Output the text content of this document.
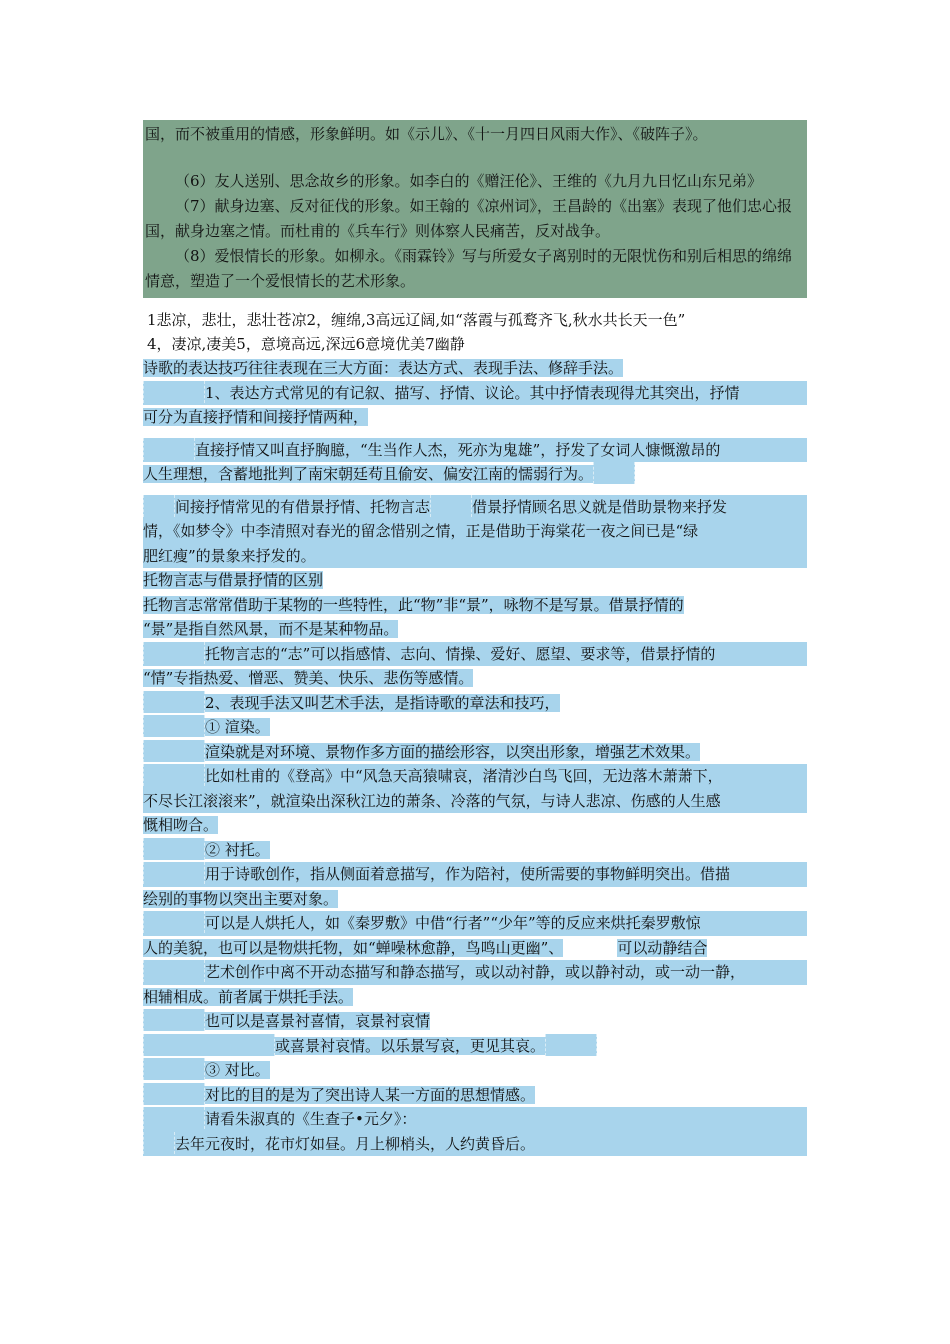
国，而不被重用的情感，形象鲜明。如《示儿》、《十一月四日风雨大作》、《破阵子》。

（6）友人送别、思念故乡的形象。如李白的《赠汪伦》、王维的《九月九日忆山东兄弟》

（7）献身边塞、反对征伐的形象。如王翰的《凉州词》，王昌龄的《出塞》表现了他们忠心报国，献身边塞之情。而杜甫的《兵车行》则体察人民痛苦，反对战争。

（8）爱恨情长的形象。如柳永。《雨霖铃》写与所爱女子离别时的无限忧伤和别后相思的绵绵情意，塑造了一个爱恨情长的艺术形象。

1悲凉，悲壮，悲壮苍凉2，缠绵,3高远辽阔,如“落霞与孤鹜齐飞,秋水共长天一色”

4，凄凉,凄美5，意境高远,深远6意境优美7幽静

诗歌的表达技巧往往表现在三大方面：表达方式、表现手法、修辞手法。

1、表达方式常见的有记叙、描写、抒情、议论。其中抒情表现得尤其突出，抒情

可分为直接抒情和间接抒情两种，

直接抒情又叫直抒胸臆，“生当作人杰，死亦为鬼雄”，抒发了女词人慷慨激昂的

人生理想，含蓄地批判了南宋朝廷苟且偷安、偏安江南的懦弱行为。

间接抒情常见的有借景抒情、托物言志	借景抒情顾名思义就是借助景物来抒发

情，《如梦令》中李清照对春光的留念惜别之情，正是借助于海棠花一夜之间已是“绿

肥红瘦”的景象来抒发的。

托物言志与借景抒情的区别

托物言志常常借助于某物的一些特性，此“物”非“景”，咏物不是写景。借景抒情的

“景”是指自然风景，而不是某种物品。

托物言志的“志”可以指感情、志向、情操、爱好、愿望、要求等，借景抒情的

“情”专指热爱、憎恶、赞美、快乐、悲伤等感情。

2、表现手法又叫艺术手法，是指诗歌的章法和技巧，

① 渲染。

渲染就是对环境、景物作多方面的描绘形容，以突出形象，增强艺术效果。

比如杜甫的《登高》中“风急天高猿啸哀，渚清沙白鸟飞回，无边落木萧萧下，

不尽长江滚滚来”，就渲染出深秋江边的萧条、冷落的气氛，与诗人悲凉、伤感的人生感

慨相吻合。

② 衬托。

用于诗歌创作，指从侧面着意描写，作为陪衬，使所需要的事物鲜明突出。借描

绘别的事物以突出主要对象。

可以是人烘托人，如《秦罗敷》中借“行者”“少年”等的反应来烘托秦罗敷惊

人的美貌，也可以是物烘托物，如“蝉噪林愈静，鸟鸣山更幽”、	可以动静结合

艺术创作中离不开动态描写和静态描写，或以动衬静，或以静衬动，或一动一静，

相辅相成。前者属于烘托手法。

也可以是喜景衬喜情，哀景衬哀情

或喜景衬哀情。以乐景写哀，更见其哀。

③ 对比。

对比的目的是为了突出诗人某一方面的思想情感。

请看朱淑真的《生查子•元夕》：

去年元夜时，花市灯如昼。月上柳梢头，人约黄昏后。
